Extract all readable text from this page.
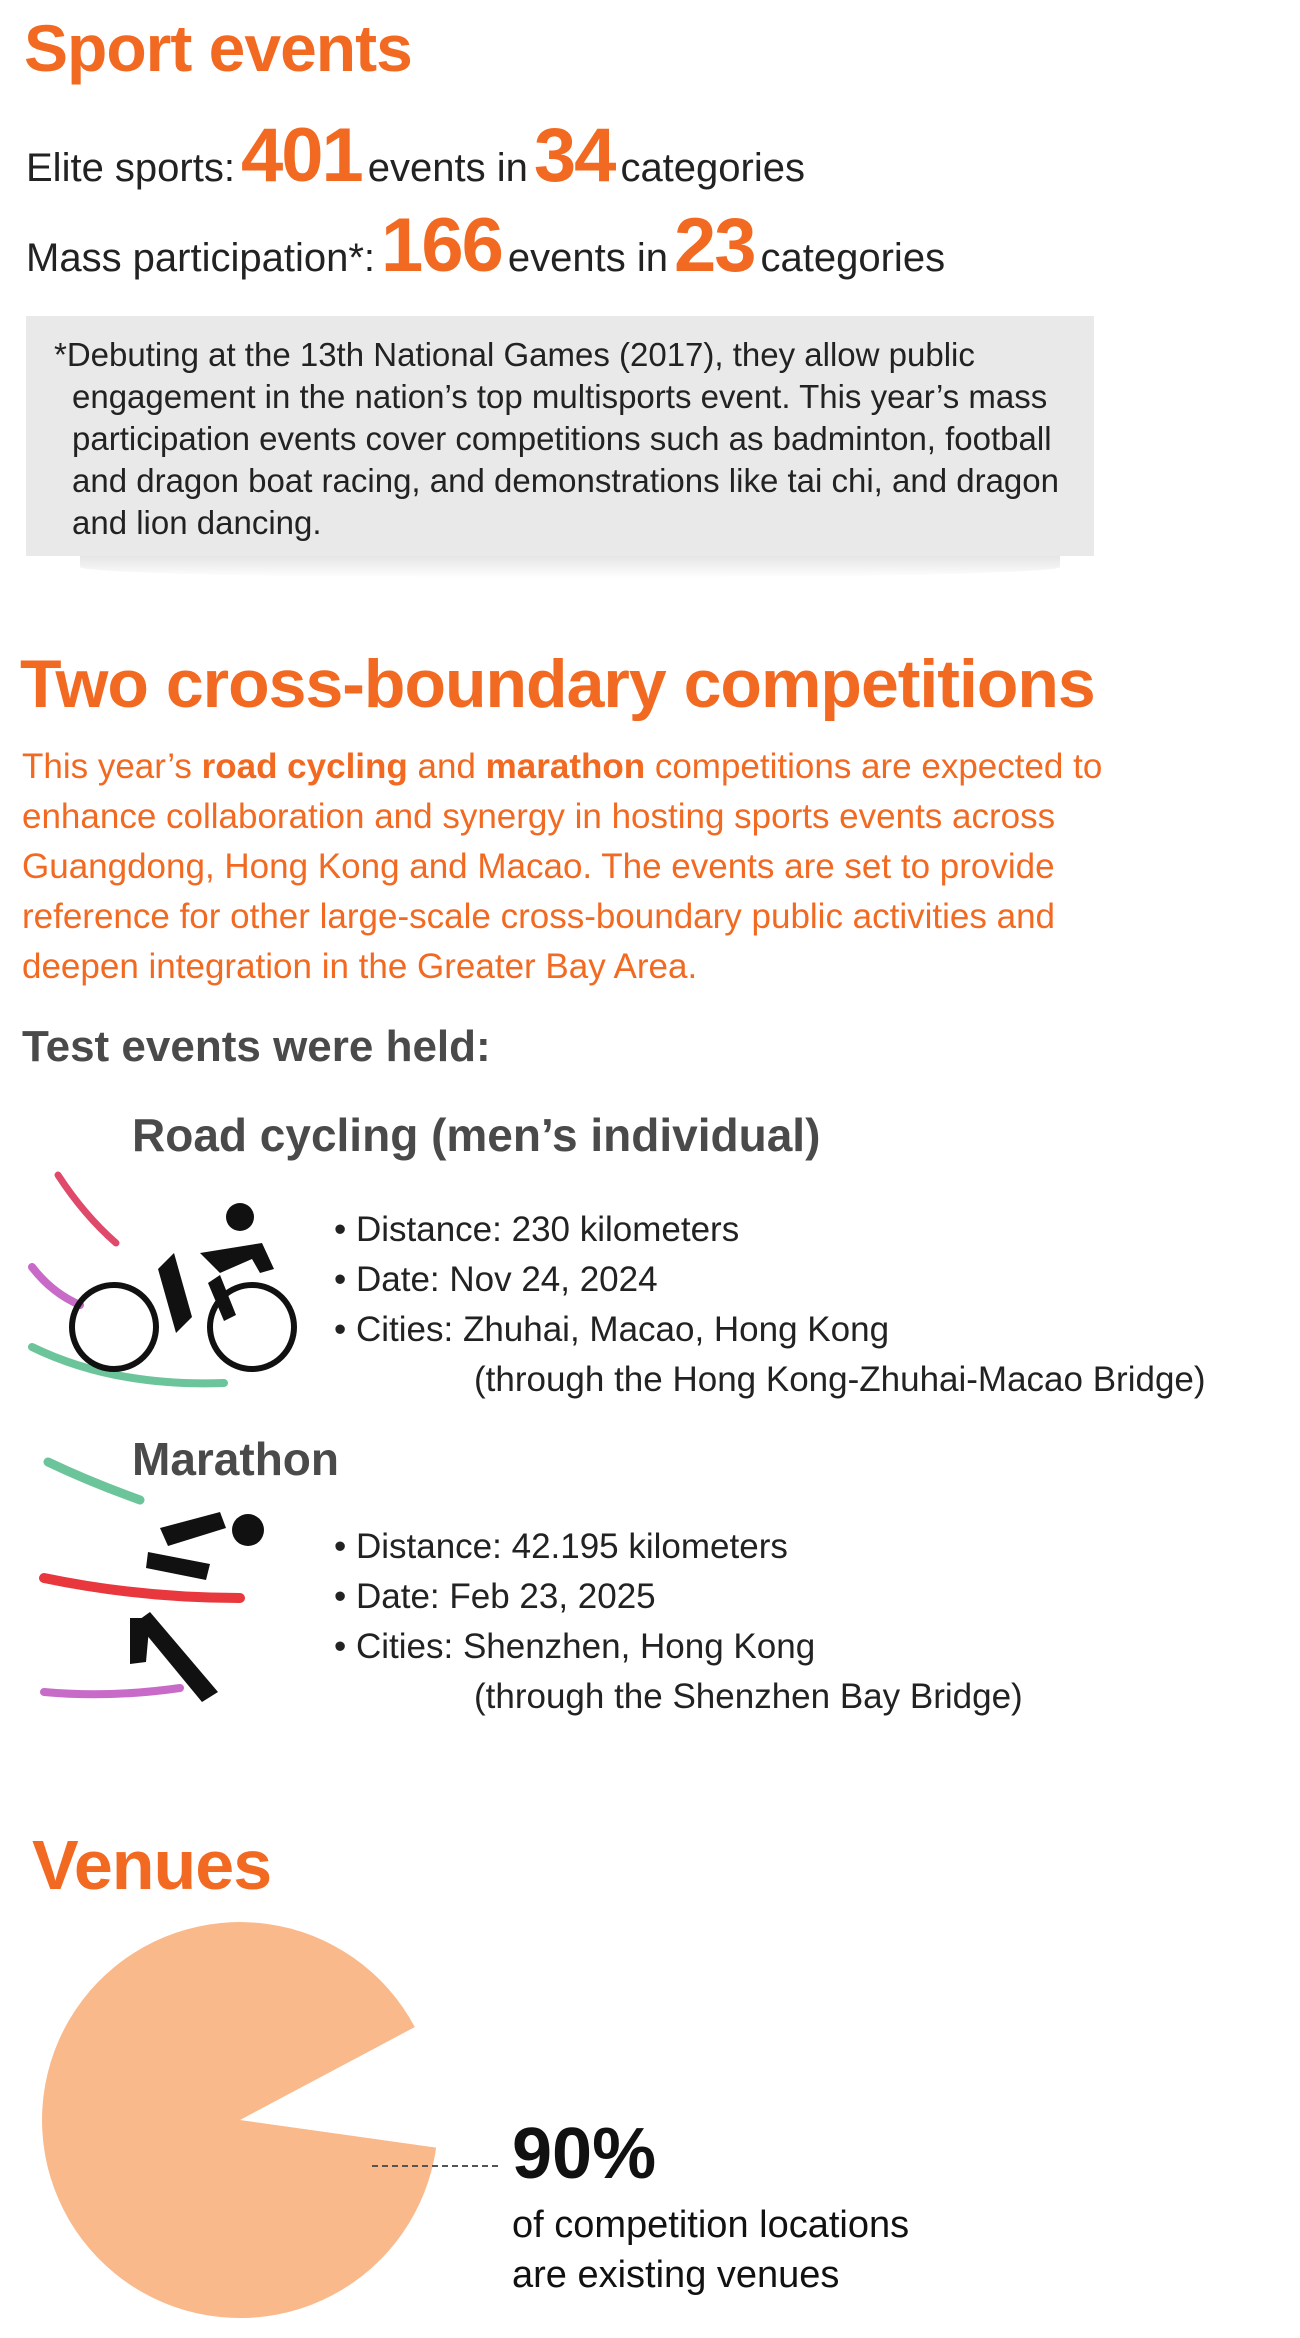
Sport events
Elite sports: 401 events in 34 categories
Mass participation*: 166 events in 23 categories
*Debuting at the 13th National Games (2017), they allow public engagement in the nation’s top multisports event. This year’s mass participation events cover competitions such as badminton, football and dragon boat racing, and demonstrations like tai chi, and dragon and lion dancing.
Two cross-boundary competitions
This year’s road cycling and marathon competitions are expected to enhance collaboration and synergy in hosting sports events across Guangdong, Hong Kong and Macao. The events are set to provide reference for other large-scale cross-boundary public activities and deepen integration in the Greater Bay Area.
Test events were held:
Road cycling (men’s individual)
• Distance: 230 kilometers
• Date: Nov 24, 2024
• Cities: Zhuhai, Macao, Hong Kong
(through the Hong Kong-Zhuhai-Macao Bridge)
Marathon
• Distance: 42.195 kilometers
• Date: Feb 23, 2025
• Cities: Shenzhen, Hong Kong
(through the Shenzhen Bay Bridge)
Venues
90%
of competition locations
are existing venues
